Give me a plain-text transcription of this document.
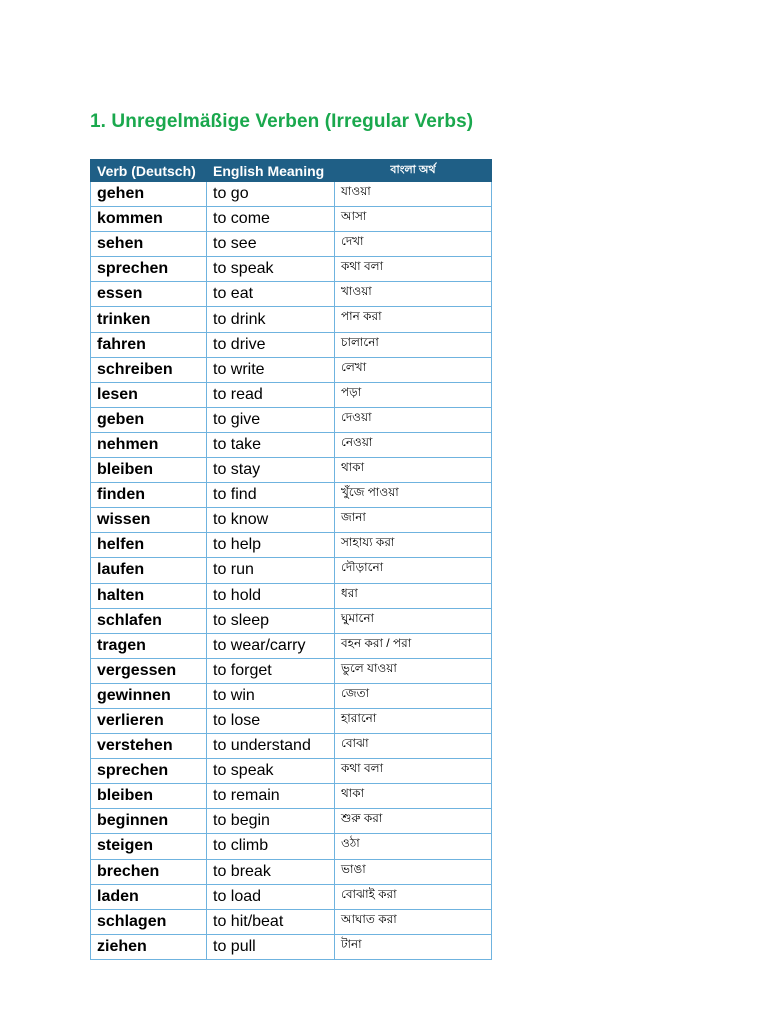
1. Unregelmäßige Verben (Irregular Verbs)
Verb (Deutsch)	English Meaning	বাংলা অর্থ
gehen	to go	যাওয়া
kommen	to come	আসা
sehen	to see	দেখা
sprechen	to speak	কথা বলা
essen	to eat	খাওয়া
trinken	to drink	পান করা
fahren	to drive	চালানো
schreiben	to write	লেখা
lesen	to read	পড়া
geben	to give	দেওয়া
nehmen	to take	নেওয়া
bleiben	to stay	থাকা
finden	to find	খুঁজে পাওয়া
wissen	to know	জানা
helfen	to help	সাহায্য করা
laufen	to run	দৌড়ানো
halten	to hold	ধরা
schlafen	to sleep	ঘুমানো
tragen	to wear/carry	বহন করা / পরা
vergessen	to forget	ভুলে যাওয়া
gewinnen	to win	জেতা
verlieren	to lose	হারানো
verstehen	to understand	বোঝা
sprechen	to speak	কথা বলা
bleiben	to remain	থাকা
beginnen	to begin	শুরু করা
steigen	to climb	ওঠা
brechen	to break	ভাঙা
laden	to load	বোঝাই করা
schlagen	to hit/beat	আঘাত করা
ziehen	to pull	টানা
